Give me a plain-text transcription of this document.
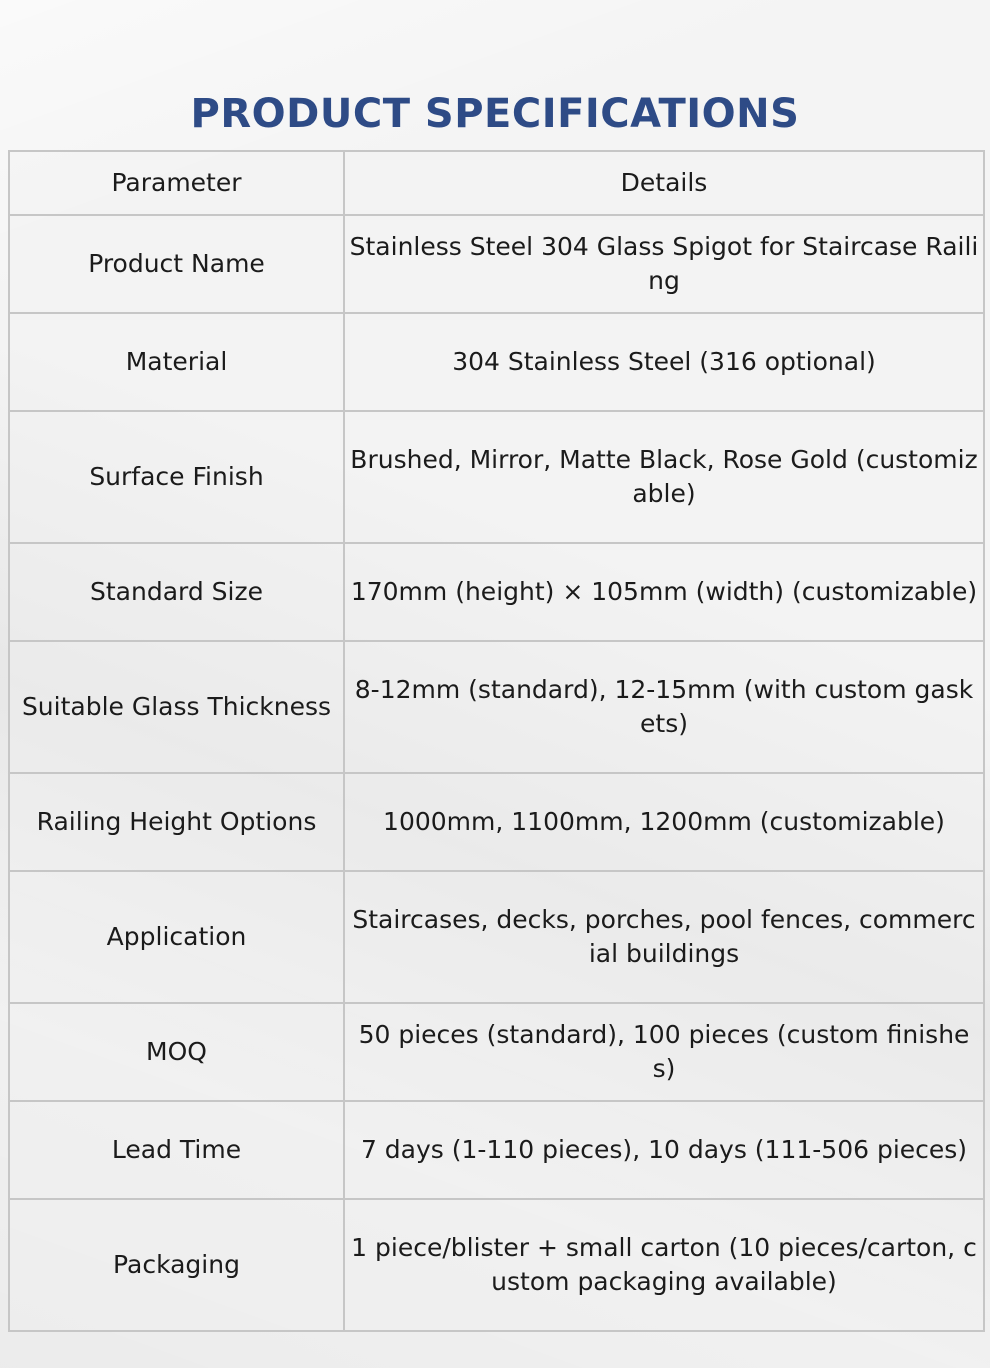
PRODUCT SPECIFICATIONS
Parameter	Details
Product Name	Stainless Steel 304 Glass Spigot for Staircase Railing
Material	304 Stainless Steel (316 optional)
Surface Finish	Brushed, Mirror, Matte Black, Rose Gold (customizable)
Standard Size	170mm (height) × 105mm (width) (customizable)
Suitable Glass Thickness	8-12mm (standard), 12-15mm (with custom gaskets)
Railing Height Options	1000mm, 1100mm, 1200mm (customizable)
Application	Staircases, decks, porches, pool fences, commercial buildings
MOQ	50 pieces (standard), 100 pieces (custom finishes)
Lead Time	7 days (1-110 pieces), 10 days (111-506 pieces)
Packaging	1 piece/blister + small carton (10 pieces/carton, custom packaging available)
